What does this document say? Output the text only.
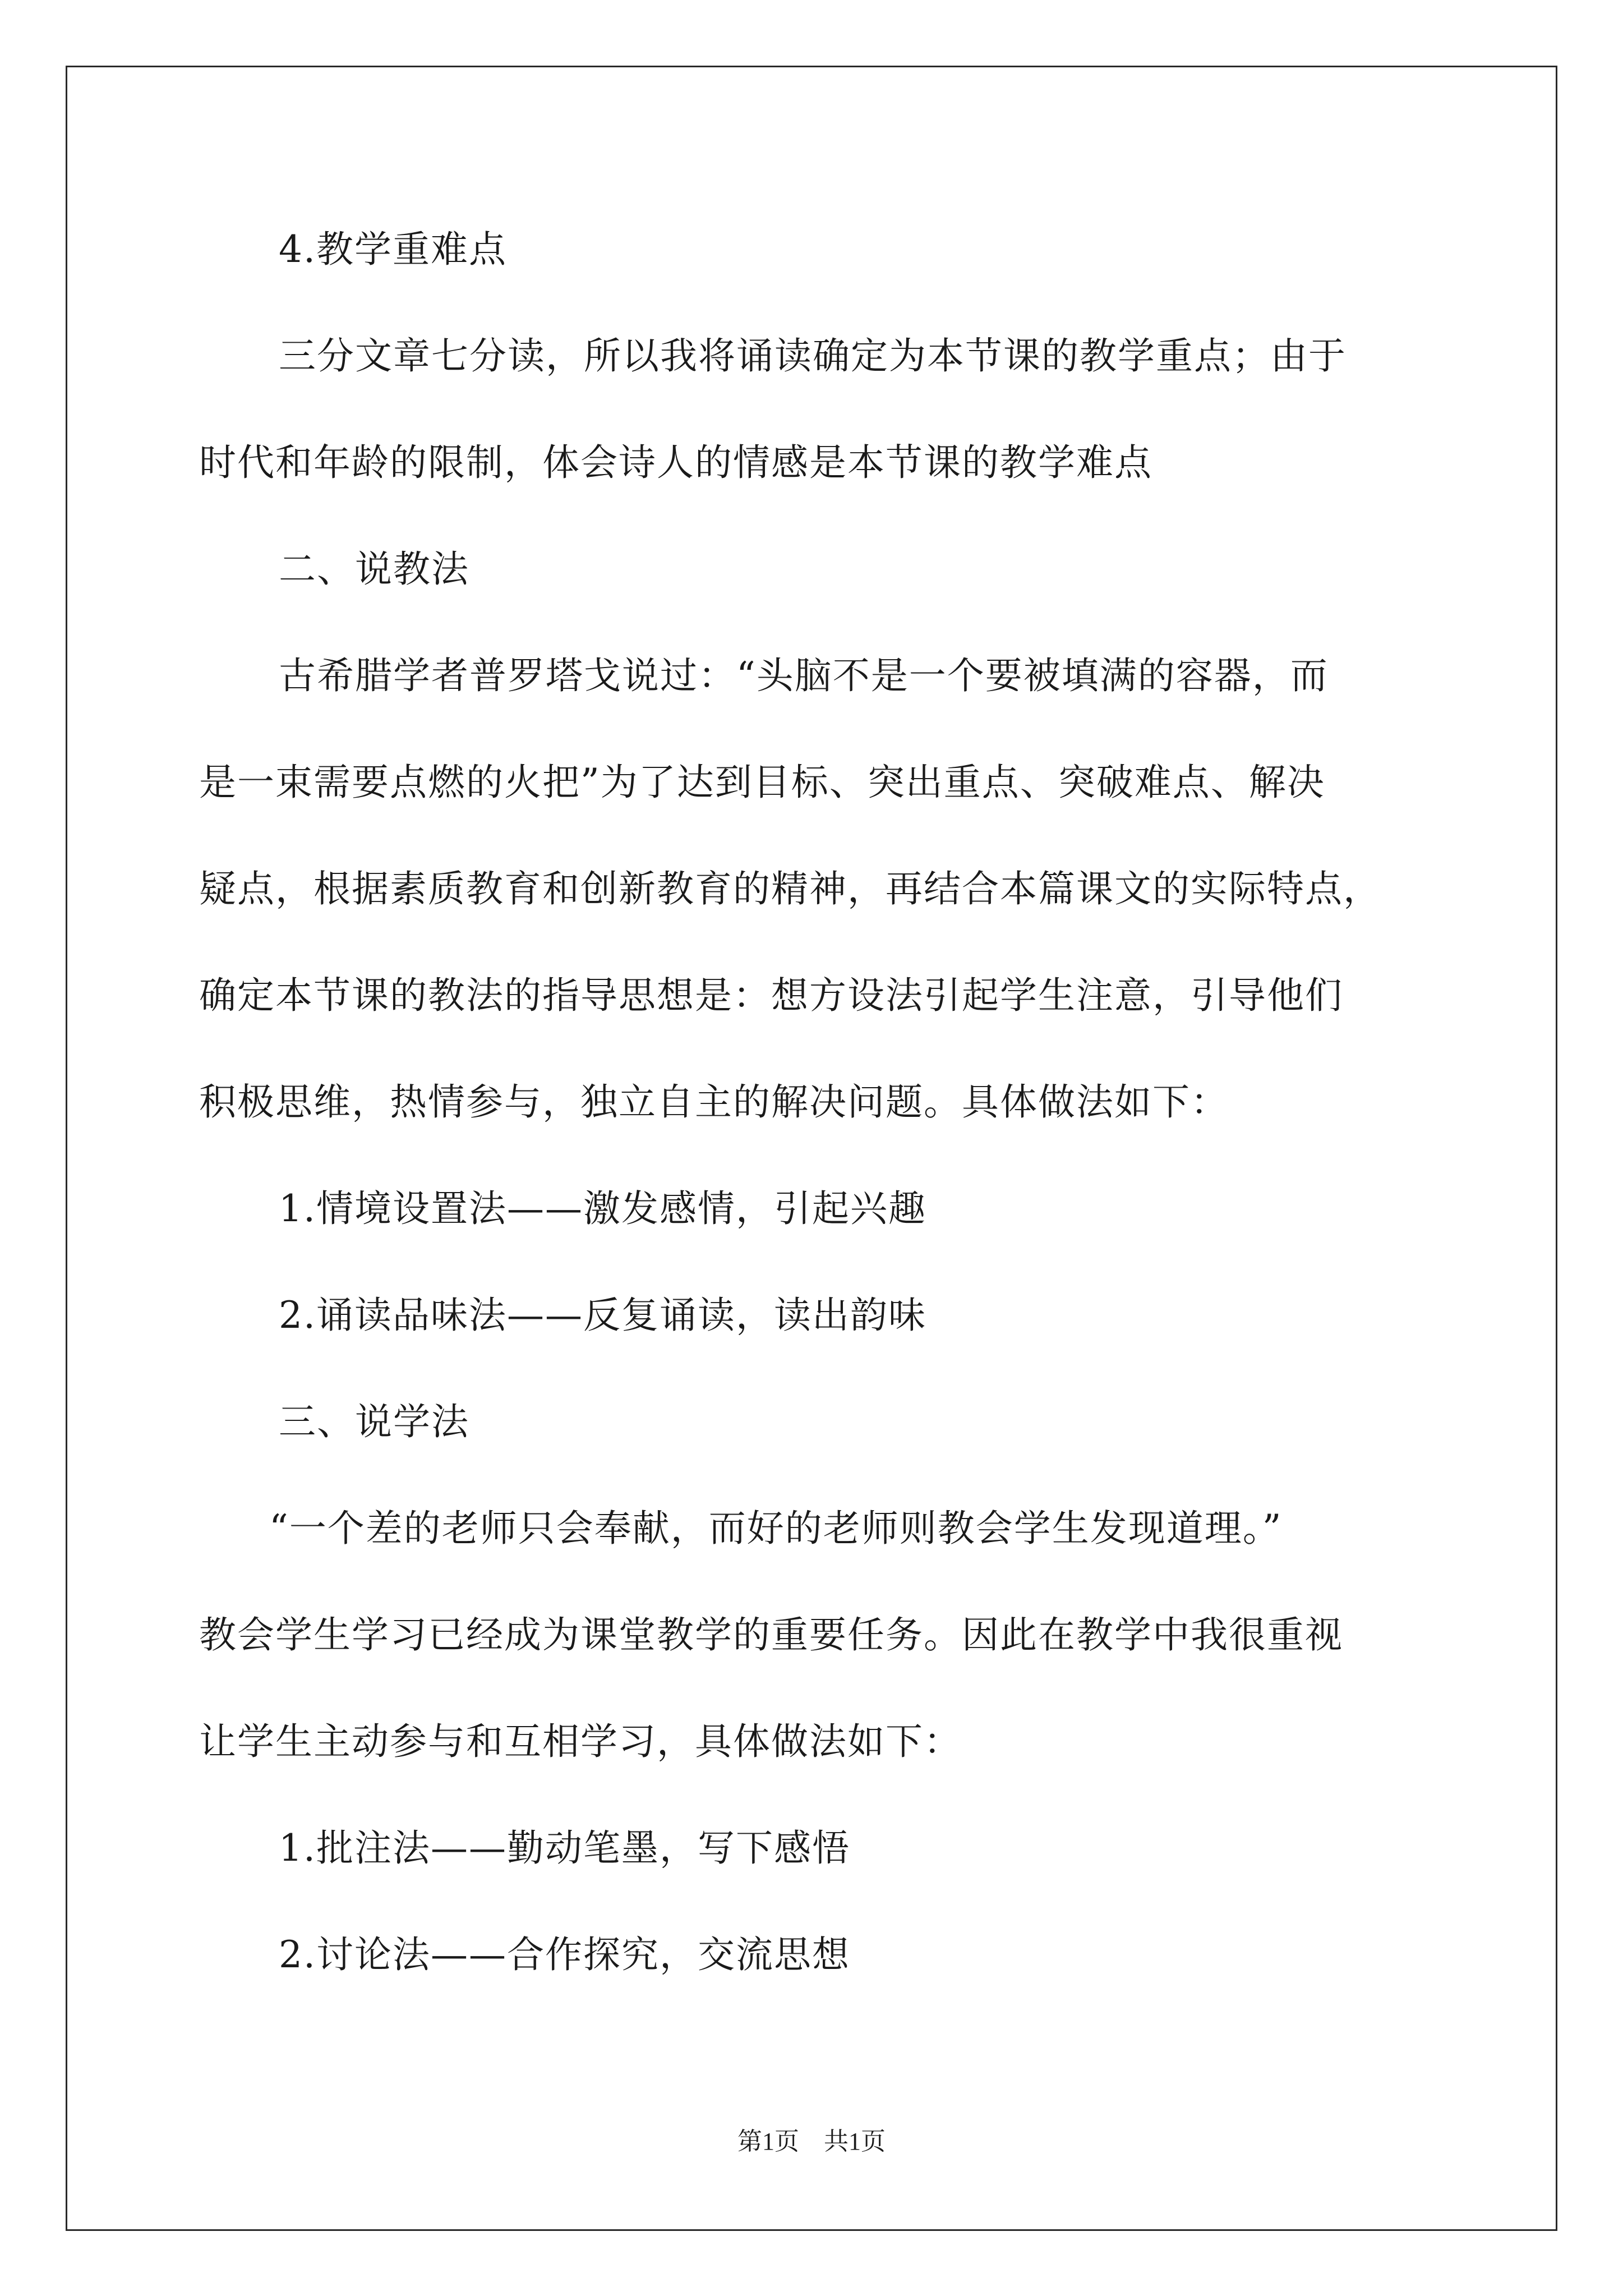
4.教学重难点
三分文章七分读，所以我将诵读确定为本节课的教学重点；由于
时代和年龄的限制，体会诗人的情感是本节课的教学难点
二、说教法
古希腊学者普罗塔戈说过：“头脑不是一个要被填满的容器，而
是一束需要点燃的火把”为了达到目标、突出重点、突破难点、解决
疑点，根据素质教育和创新教育的精神，再结合本篇课文的实际特点，
确定本节课的教法的指导思想是：想方设法引起学生注意，引导他们
积极思维，热情参与，独立自主的解决问题。具体做法如下：
1.情境设置法——激发感情，引起兴趣
2.诵读品味法——反复诵读，读出韵味
三、说学法
“一个差的老师只会奉献，而好的老师则教会学生发现道理。”
教会学生学习已经成为课堂教学的重要任务。因此在教学中我很重视
让学生主动参与和互相学习，具体做法如下：
1.批注法——勤动笔墨，写下感悟
2.讨论法——合作探究，交流思想
第1页　共1页
